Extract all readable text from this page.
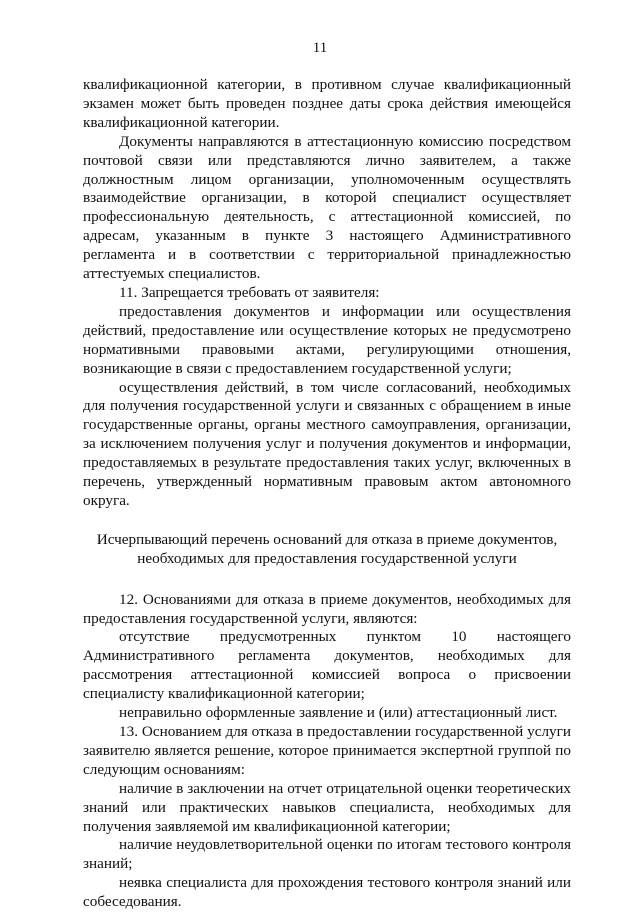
11

квалификационной категории, в противном случае квалификационный экзамен может быть проведен позднее даты срока действия имеющейся квалификационной категории.

Документы направляются в аттестационную комиссию посредством почтовой связи или представляются лично заявителем, а также должностным лицом организации, уполномоченным осуществлять взаимодействие организации, в которой специалист осуществляет профессиональную деятельность, с аттестационной комиссией, по адресам, указанным в пункте 3 настоящего Административного регламента и в соответствии с территориальной принадлежностью аттестуемых специалистов.

11. Запрещается требовать от заявителя:

предоставления документов и информации или осуществления действий, предоставление или осуществление которых не предусмотрено нормативными правовыми актами, регулирующими отношения, возникающие в связи с предоставлением государственной услуги;

осуществления действий, в том числе согласований, необходимых для получения государственной услуги и связанных с обращением в иные государственные органы, органы местного самоуправления, организации, за исключением получения услуг и получения документов и информации, предоставляемых в результате предоставления таких услуг, включенных в перечень, утвержденный нормативным правовым актом автономного округа.

Исчерпывающий перечень оснований для отказа в приеме документов,
необходимых для предоставления государственной услуги

12. Основаниями для отказа в приеме документов, необходимых для предоставления государственной услуги, являются:

отсутствие предусмотренных пунктом 10 настоящего Административного регламента документов, необходимых для рассмотрения аттестационной комиссией вопроса о присвоении специалисту квалификационной категории;

неправильно оформленные заявление и (или) аттестационный лист.

13. Основанием для отказа в предоставлении государственной услуги заявителю является решение, которое принимается экспертной группой по следующим основаниям:

наличие в заключении на отчет отрицательной оценки теоретических знаний или практических навыков специалиста, необходимых для получения заявляемой им квалификационной категории;

наличие неудовлетворительной оценки по итогам тестового контроля знаний;

неявка специалиста для прохождения тестового контроля знаний или собеседования.
